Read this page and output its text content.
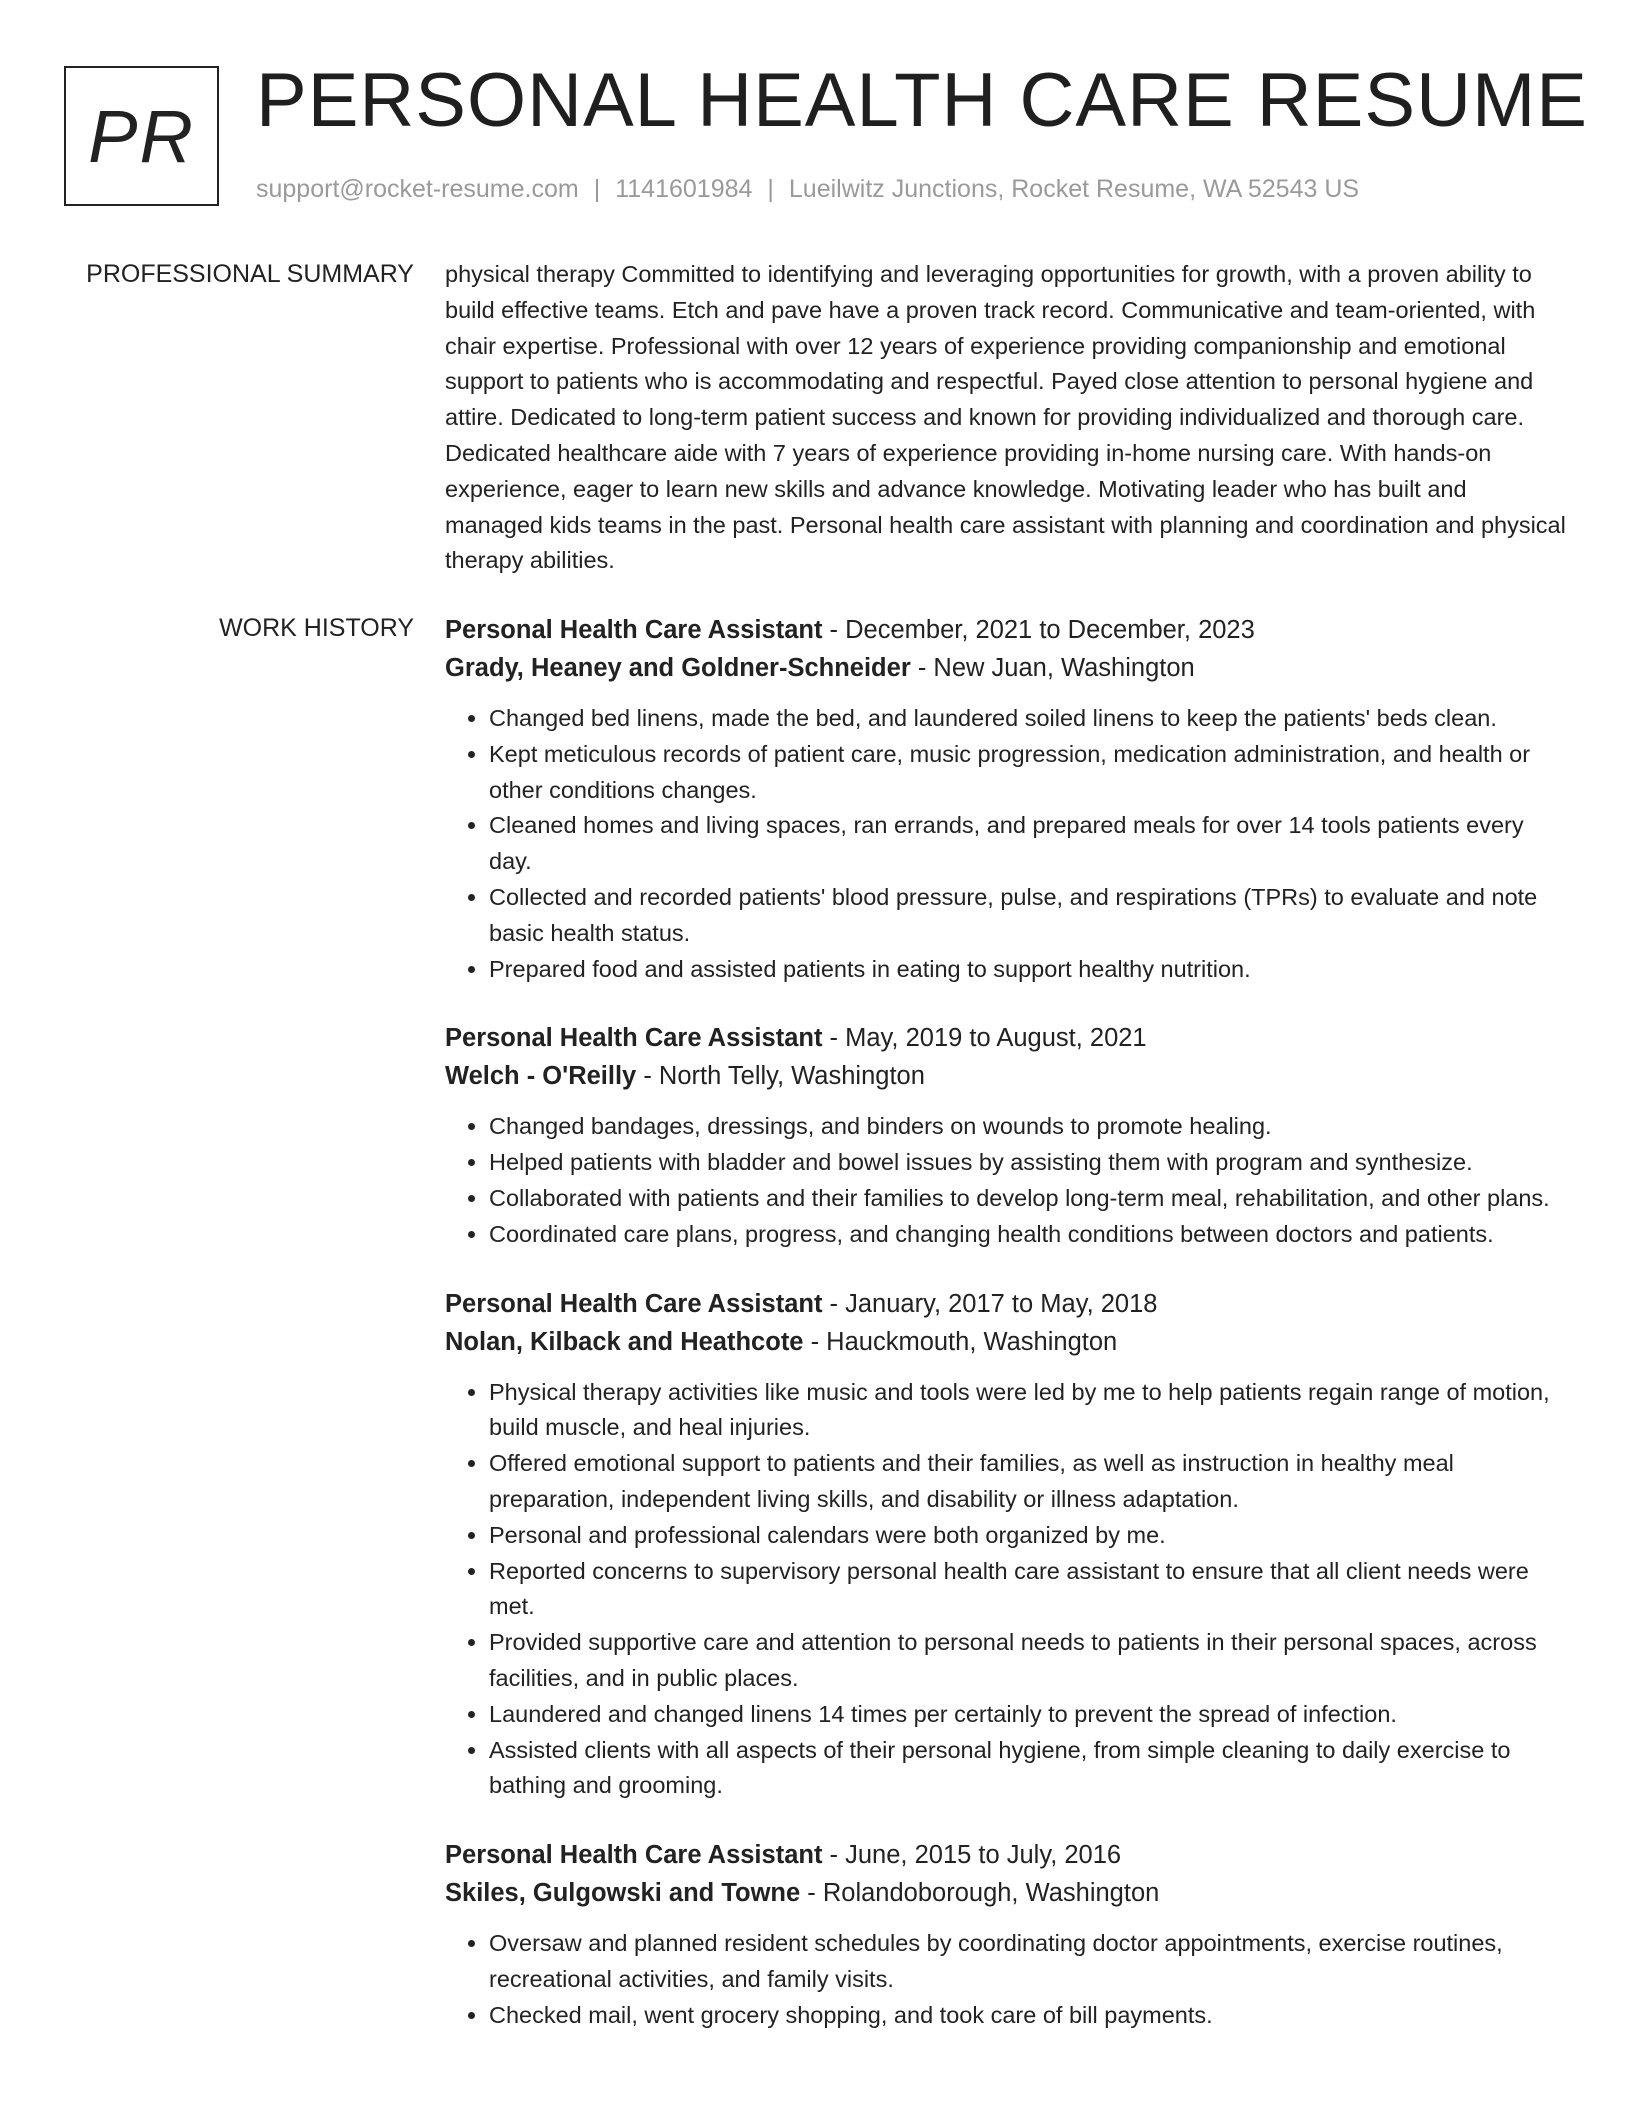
PR PERSONAL HEALTH CARE RESUME
support@rocket-resume.com | 1141601984 | Lueilwitz Junctions, Rocket Resume, WA 52543 US
PROFESSIONAL SUMMARY physical therapy Committed to identifying and leveraging opportunities for growth, with a proven ability to build effective teams. Etch and pave have a proven track record. Communicative and team-oriented, with chair expertise. Professional with over 12 years of experience providing companionship and emotional support to patients who is accommodating and respectful. Payed close attention to personal hygiene and attire. Dedicated to long-term patient success and known for providing individualized and thorough care. Dedicated healthcare aide with 7 years of experience providing in-home nursing care. With hands-on experience, eager to learn new skills and advance knowledge. Motivating leader who has built and managed kids teams in the past. Personal health care assistant with planning and coordination and physical therapy abilities.

WORK HISTORY Personal Health Care Assistant - December, 2021 to December, 2023
Grady, Heaney and Goldner-Schneider - New Juan, Washington
• Changed bed linens, made the bed, and laundered soiled linens to keep the patients' beds clean.
• Kept meticulous records of patient care, music progression, medication administration, and health or other conditions changes.
• Cleaned homes and living spaces, ran errands, and prepared meals for over 14 tools patients every day.
• Collected and recorded patients' blood pressure, pulse, and respirations (TPRs) to evaluate and note basic health status.
• Prepared food and assisted patients in eating to support healthy nutrition.
Personal Health Care Assistant - May, 2019 to August, 2021
Welch - O'Reilly - North Telly, Washington
• Changed bandages, dressings, and binders on wounds to promote healing.
• Helped patients with bladder and bowel issues by assisting them with program and synthesize.
• Collaborated with patients and their families to develop long-term meal, rehabilitation, and other plans.
• Coordinated care plans, progress, and changing health conditions between doctors and patients.
Personal Health Care Assistant - January, 2017 to May, 2018
Nolan, Kilback and Heathcote - Hauckmouth, Washington
• Physical therapy activities like music and tools were led by me to help patients regain range of motion, build muscle, and heal injuries.
• Offered emotional support to patients and their families, as well as instruction in healthy meal preparation, independent living skills, and disability or illness adaptation.
• Personal and professional calendars were both organized by me.
• Reported concerns to supervisory personal health care assistant to ensure that all client needs were met.
• Provided supportive care and attention to personal needs to patients in their personal spaces, across facilities, and in public places.
• Laundered and changed linens 14 times per certainly to prevent the spread of infection.
• Assisted clients with all aspects of their personal hygiene, from simple cleaning to daily exercise to bathing and grooming.
Personal Health Care Assistant - June, 2015 to July, 2016
Skiles, Gulgowski and Towne - Rolandoborough, Washington
• Oversaw and planned resident schedules by coordinating doctor appointments, exercise routines, recreational activities, and family visits.
• Checked mail, went grocery shopping, and took care of bill payments.
